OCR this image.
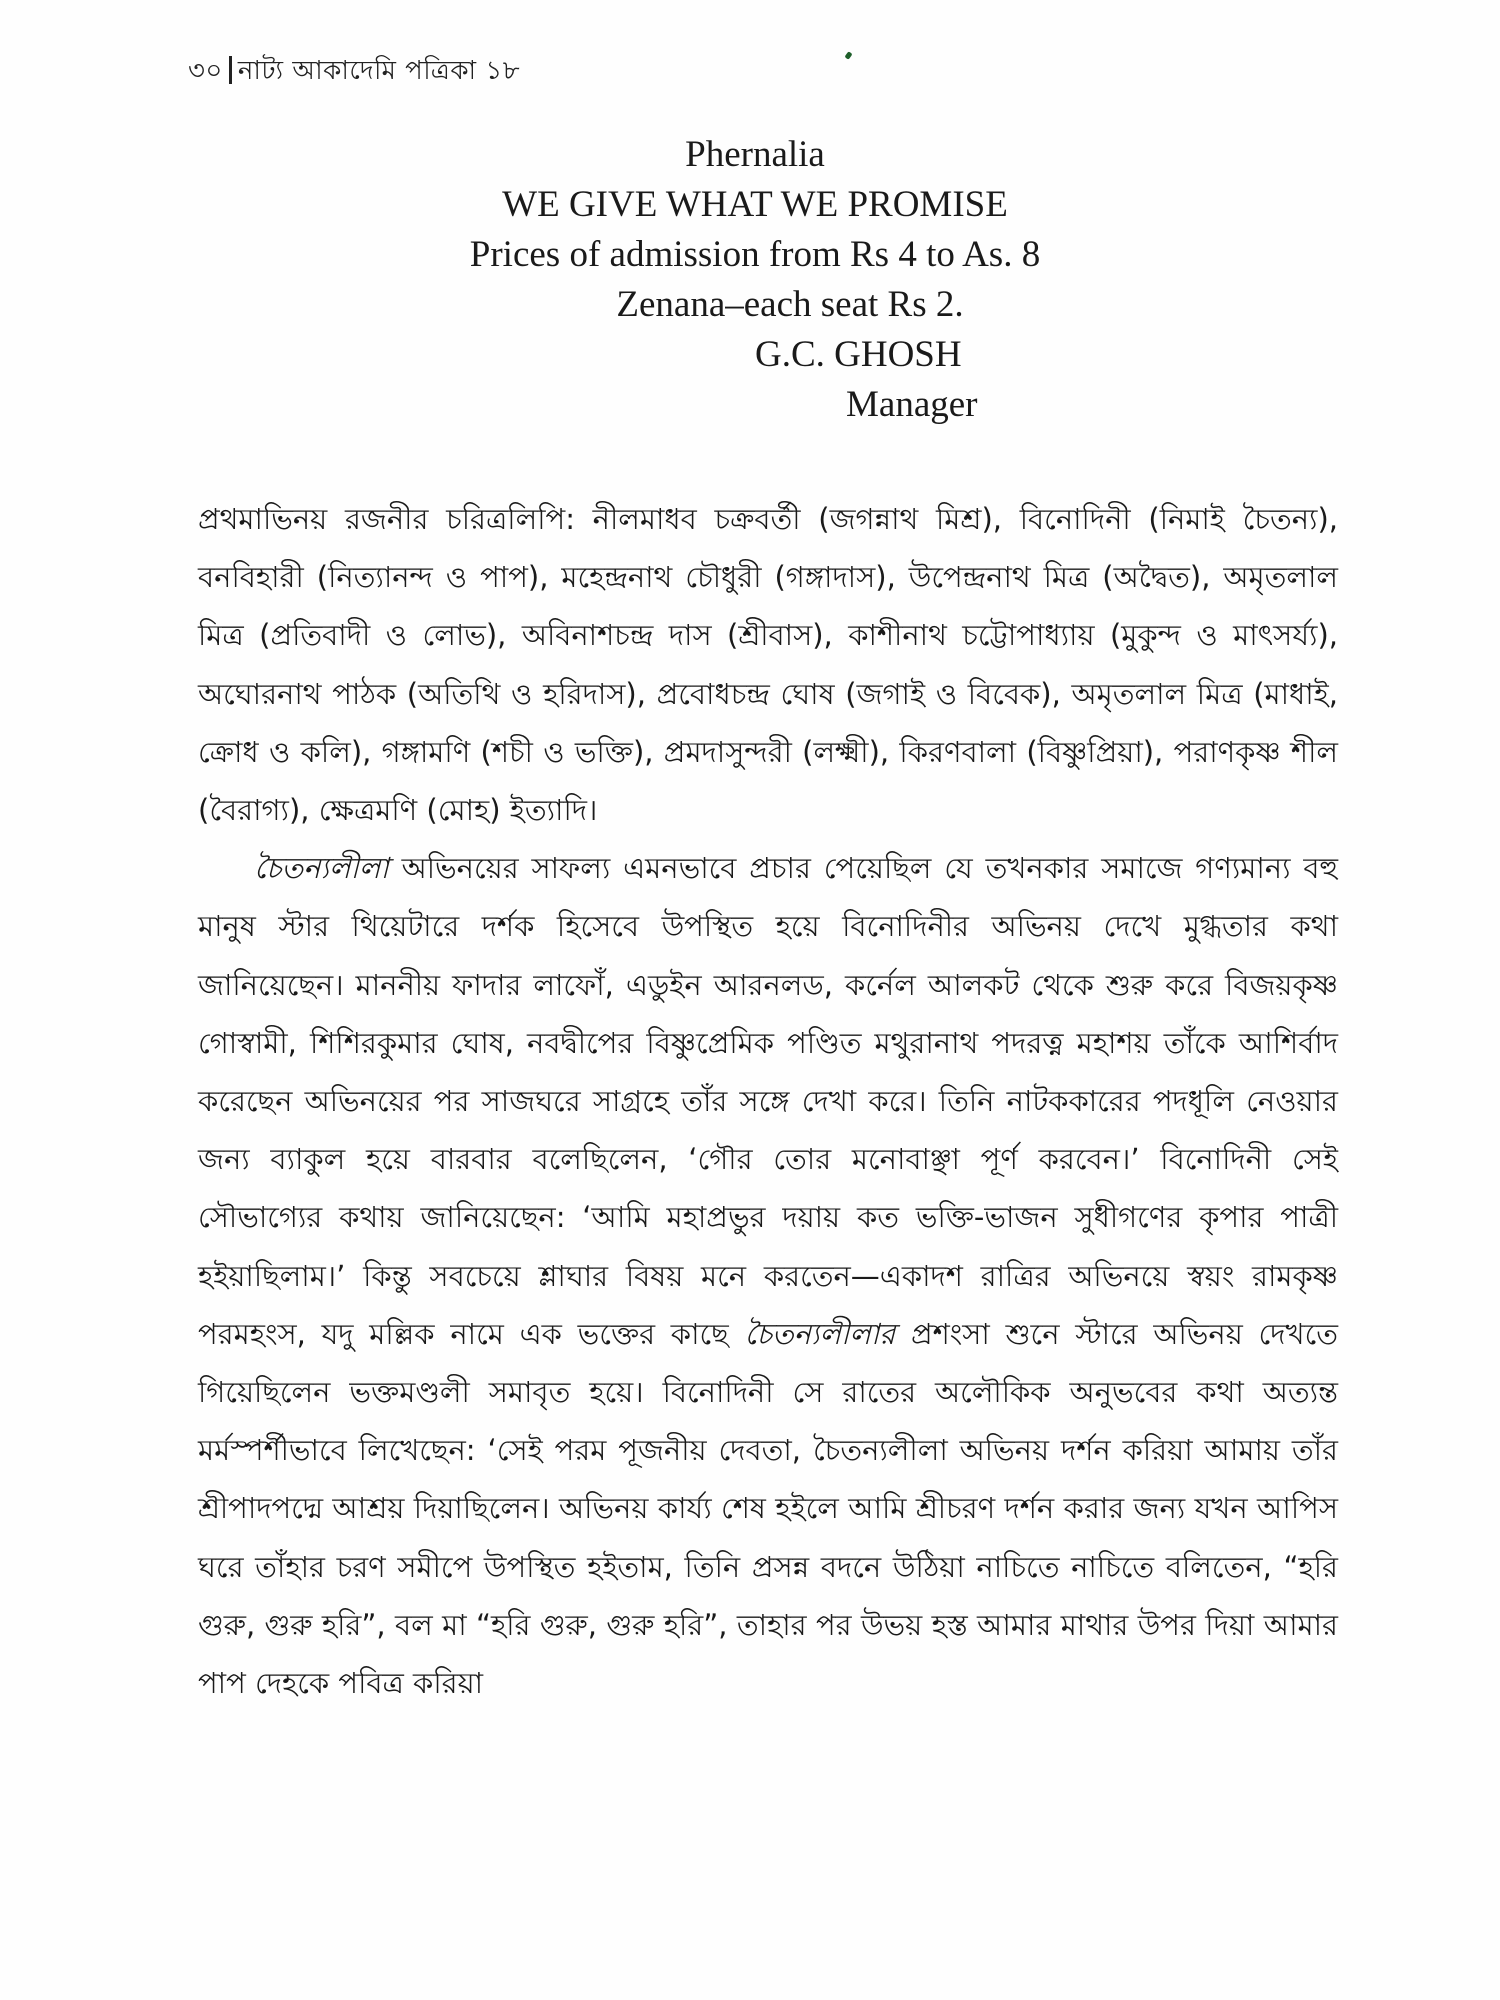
৩০ নাট্য আকাদেমি পত্রিকা ১৮
Phernalia
WE GIVE WHAT WE PROMISE
Prices of admission from Rs 4 to As. 8
Zenana–each seat Rs 2.
G.C. GHOSH
Manager

প্রথমাভিনয় রজনীর চরিত্রলিপি: নীলমাধব চক্রবর্তী (জগন্নাথ মিশ্র), বিনোদিনী (নিমাই চৈতন্য), বনবিহারী (নিত্যানন্দ ও পাপ), মহেন্দ্রনাথ চৌধুরী (গঙ্গাদাস), উপেন্দ্রনাথ মিত্র (অদ্বৈত), অমৃতলাল মিত্র (প্রতিবাদী ও লোভ), অবিনাশচন্দ্র দাস (শ্রীবাস), কাশীনাথ চট্টোপাধ্যায় (মুকুন্দ ও মাৎসর্য্য), অঘোরনাথ পাঠক (অতিথি ও হরিদাস), প্রবোধচন্দ্র ঘোষ (জগাই ও বিবেক), অমৃতলাল মিত্র (মাধাই, ক্রোধ ও কলি), গঙ্গামণি (শচী ও ভক্তি), প্রমদাসুন্দরী (লক্ষ্মী), কিরণবালা (বিষ্ণুপ্রিয়া), পরাণকৃষ্ণ শীল (বৈরাগ্য), ক্ষেত্রমণি (মোহ) ইত্যাদি।

চৈতন্যলীলা অভিনয়ের সাফল্য এমনভাবে প্রচার পেয়েছিল যে তখনকার সমাজে গণ্যমান্য বহু মানুষ স্টার থিয়েটারে দর্শক হিসেবে উপস্থিত হয়ে বিনোদিনীর অভিনয় দেখে মুগ্ধতার কথা জানিয়েছেন। মাননীয় ফাদার লাফোঁ, এডুইন আরনলড, কর্নেল আলকট থেকে শুরু করে বিজয়কৃষ্ণ গোস্বামী, শিশিরকুমার ঘোষ, নবদ্বীপের বিষ্ণুপ্রেমিক পণ্ডিত মথুরানাথ পদরত্ন মহাশয় তাঁকে আশির্বাদ করেছেন অভিনয়ের পর সাজঘরে সাগ্রহে তাঁর সঙ্গে দেখা করে। তিনি নাটককারের পদধূলি নেওয়ার জন্য ব্যাকুল হয়ে বারবার বলেছিলেন, ‘গৌর তোর মনোবাঞ্ছা পূর্ণ করবেন।’ বিনোদিনী সেই সৌভাগ্যের কথায় জানিয়েছেন: ‘আমি মহাপ্রভুর দয়ায় কত ভক্তি-ভাজন সুধীগণের কৃপার পাত্রী হইয়াছিলাম।’ কিন্তু সবচেয়ে শ্লাঘার বিষয় মনে করতেন—একাদশ রাত্রির অভিনয়ে স্বয়ং রামকৃষ্ণ পরমহংস, যদু মল্লিক নামে এক ভক্তের কাছে চৈতন্যলীলার প্রশংসা শুনে স্টারে অভিনয় দেখতে গিয়েছিলেন ভক্তমণ্ডলী সমাবৃত হয়ে। বিনোদিনী সে রাতের অলৌকিক অনুভবের কথা অত্যন্ত মর্মস্পর্শীভাবে লিখেছেন: ‘সেই পরম পূজনীয় দেবতা, চৈতন্যলীলা অভিনয় দর্শন করিয়া আমায় তাঁর শ্রীপাদপদ্মে আশ্রয় দিয়াছিলেন। অভিনয় কার্য্য শেষ হইলে আমি শ্রীচরণ দর্শন করার জন্য যখন আপিস ঘরে তাঁহার চরণ সমীপে উপস্থিত হইতাম, তিনি প্রসন্ন বদনে উঠিয়া নাচিতে নাচিতে বলিতেন, “হরি গুরু, গুরু হরি”, বল মা “হরি গুরু, গুরু হরি”, তাহার পর উভয় হস্ত আমার মাথার উপর দিয়া আমার পাপ দেহকে পবিত্র করিয়া
